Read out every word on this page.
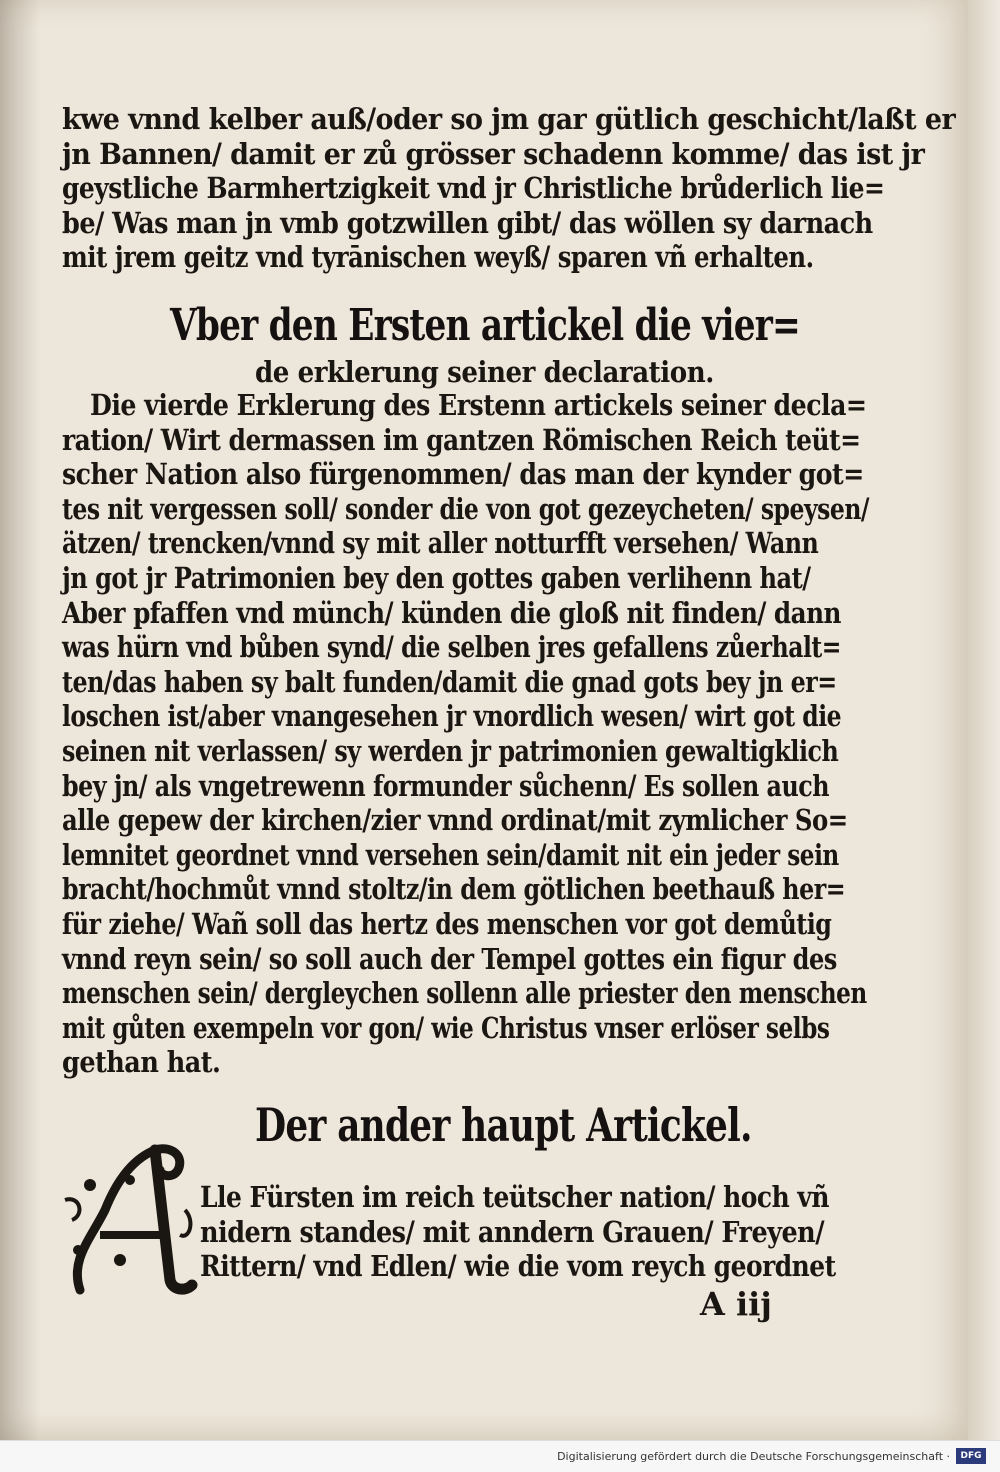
kwe vnnd kelber auß/oder so jm gar gütlich geschicht/laßt er
jn Bannen/ damit er zů grösser schadenn komme/ das ist jr
geystliche Barmhertzigkeit vnd jr Christliche brůderlich lie=
be/ Was man jn vmb gotzwillen gibt/ das wöllen sy darnach
mit jrem geitz vnd tyrānischen weyß/ sparen vñ erhalten.
Vber den Ersten artickel die vier=
de erklerung seiner declaration.
Die vierde Erklerung des Erstenn artickels seiner decla=
ration/ Wirt dermassen im gantzen Römischen Reich teüt=
scher Nation also fürgenommen/ das man der kynder got=
tes nit vergessen soll/ sonder die von got gezeycheten/ speysen/
ätzen/ trencken/vnnd sy mit aller notturfft versehen/ Wann
jn got jr Patrimonien bey den gottes gaben verlihenn hat/
Aber pfaffen vnd münch/ künden die gloß nit finden/ dann
was hürn vnd bůben synd/ die selben jres gefallens zůerhalt=
ten/das haben sy balt funden/damit die gnad gots bey jn er=
loschen ist/aber vnangesehen jr vnordlich wesen/ wirt got die
seinen nit verlassen/ sy werden jr patrimonien gewaltigklich
bey jn/ als vngetrewenn formunder sůchenn/ Es sollen auch
alle gepew der kirchen/zier vnnd ordinat/mit zymlicher So=
lemnitet geordnet vnnd versehen sein/damit nit ein jeder sein
bracht/hochmůt vnnd stoltz/in dem götlichen beethauß her=
für ziehe/ Wañ soll das hertz des menschen vor got demůtig
vnnd reyn sein/ so soll auch der Tempel gottes ein figur des
menschen sein/ dergleychen sollenn alle priester den menschen
mit gůten exempeln vor gon/ wie Christus vnser erlöser selbs
gethan hat.
Der ander haupt Artickel.
Lle Fürsten im reich teütscher nation/ hoch vñ
nidern standes/ mit anndern Grauen/ Freyen/
Rittern/ vnd Edlen/ wie die vom reych geordnet
A iij
Digitalisierung gefördert durch die Deutsche Forschungsgemeinschaft ·	DFG
